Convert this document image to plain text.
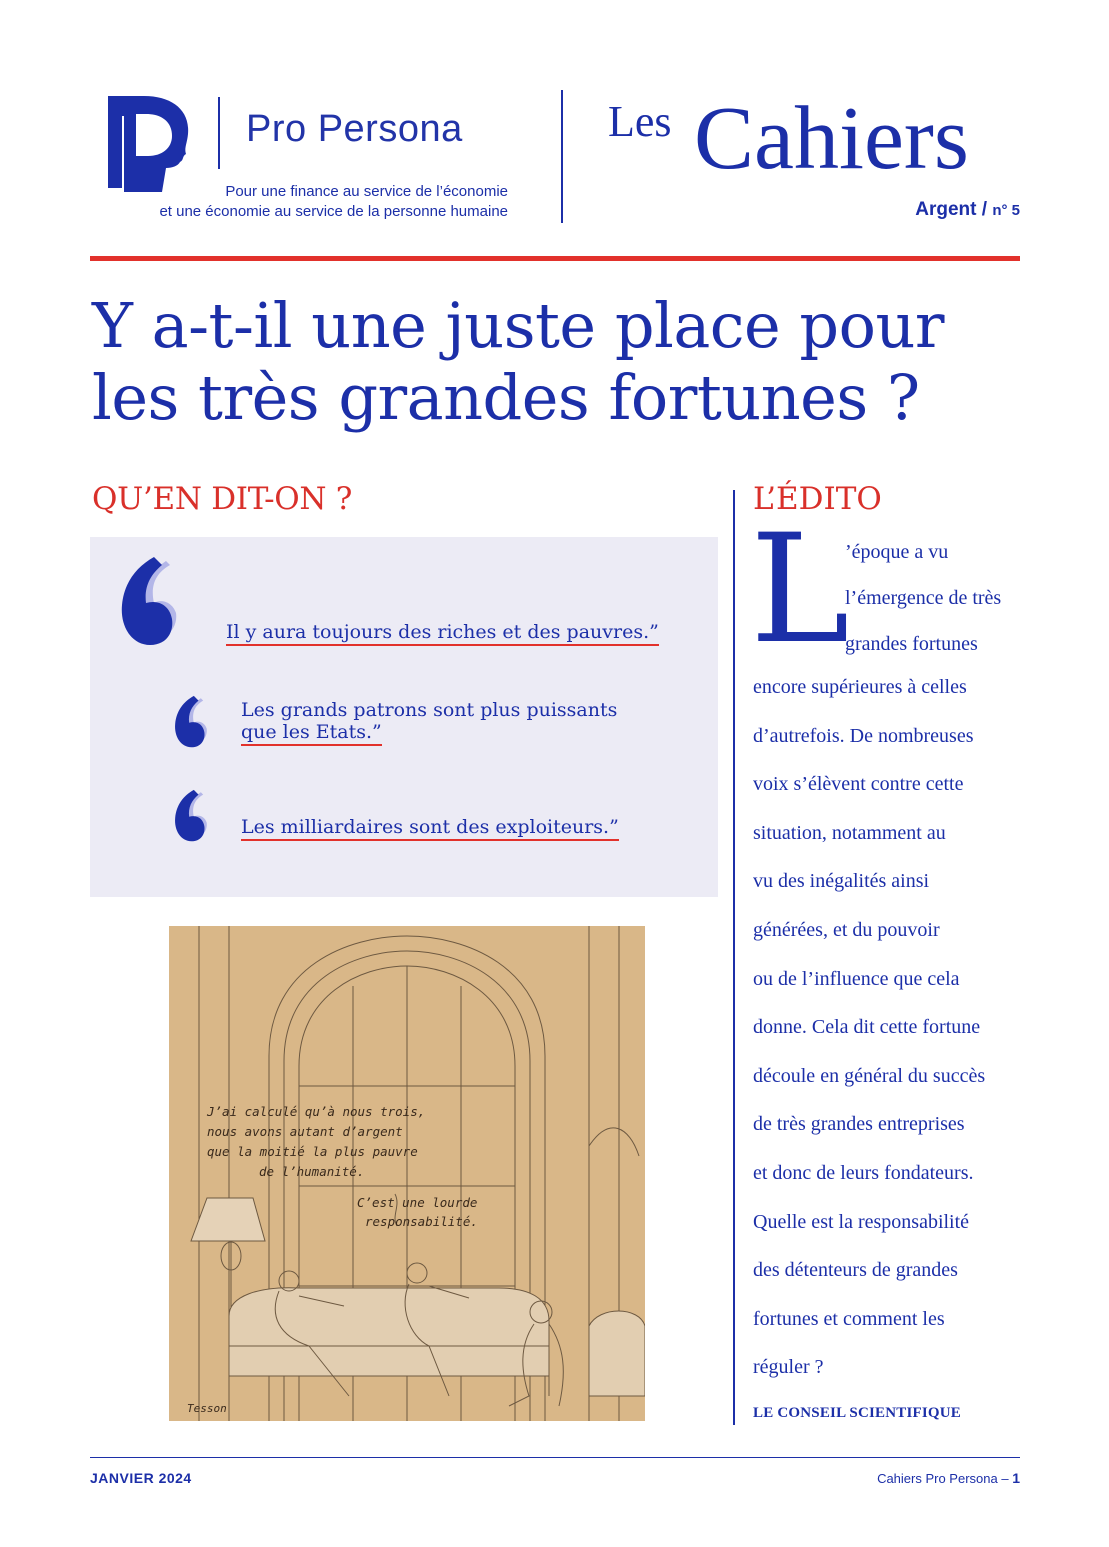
Pro Persona
Pour une finance au service de l’économie
et une économie au service de la personne humaine
Les Cahiers
Argent / n° 5
Y a-t-il une juste place pour
les très grandes fortunes ?
QU’EN DIT-ON ?
Il y aura toujours des riches et des pauvres.”
Les grands patrons sont plus puissants
que les Etats.”
Les milliardaires sont des exploiteurs.”
J’ai calculé qu’à nous trois,
nous avons autant d’argent
que la moitié la plus pauvre
de l’humanité.
C’est une lourde
responsabilité.
Tesson
L’ÉDITO
L
’époque a vu
l’émergence de très
grandes fortunes
encore supérieures à celles
d’autrefois. De nombreuses
voix s’élèvent contre cette
situation, notamment au
vu des inégalités ainsi
générées, et du pouvoir
ou de l’influence que cela
donne. Cela dit cette fortune
découle en général du succès
de très grandes entreprises
et donc de leurs fondateurs.
Quelle est la responsabilité
des détenteurs de grandes
fortunes et comment les
réguler ?
LE CONSEIL SCIENTIFIQUE
JANVIER 2024	Cahiers Pro Persona – 1
